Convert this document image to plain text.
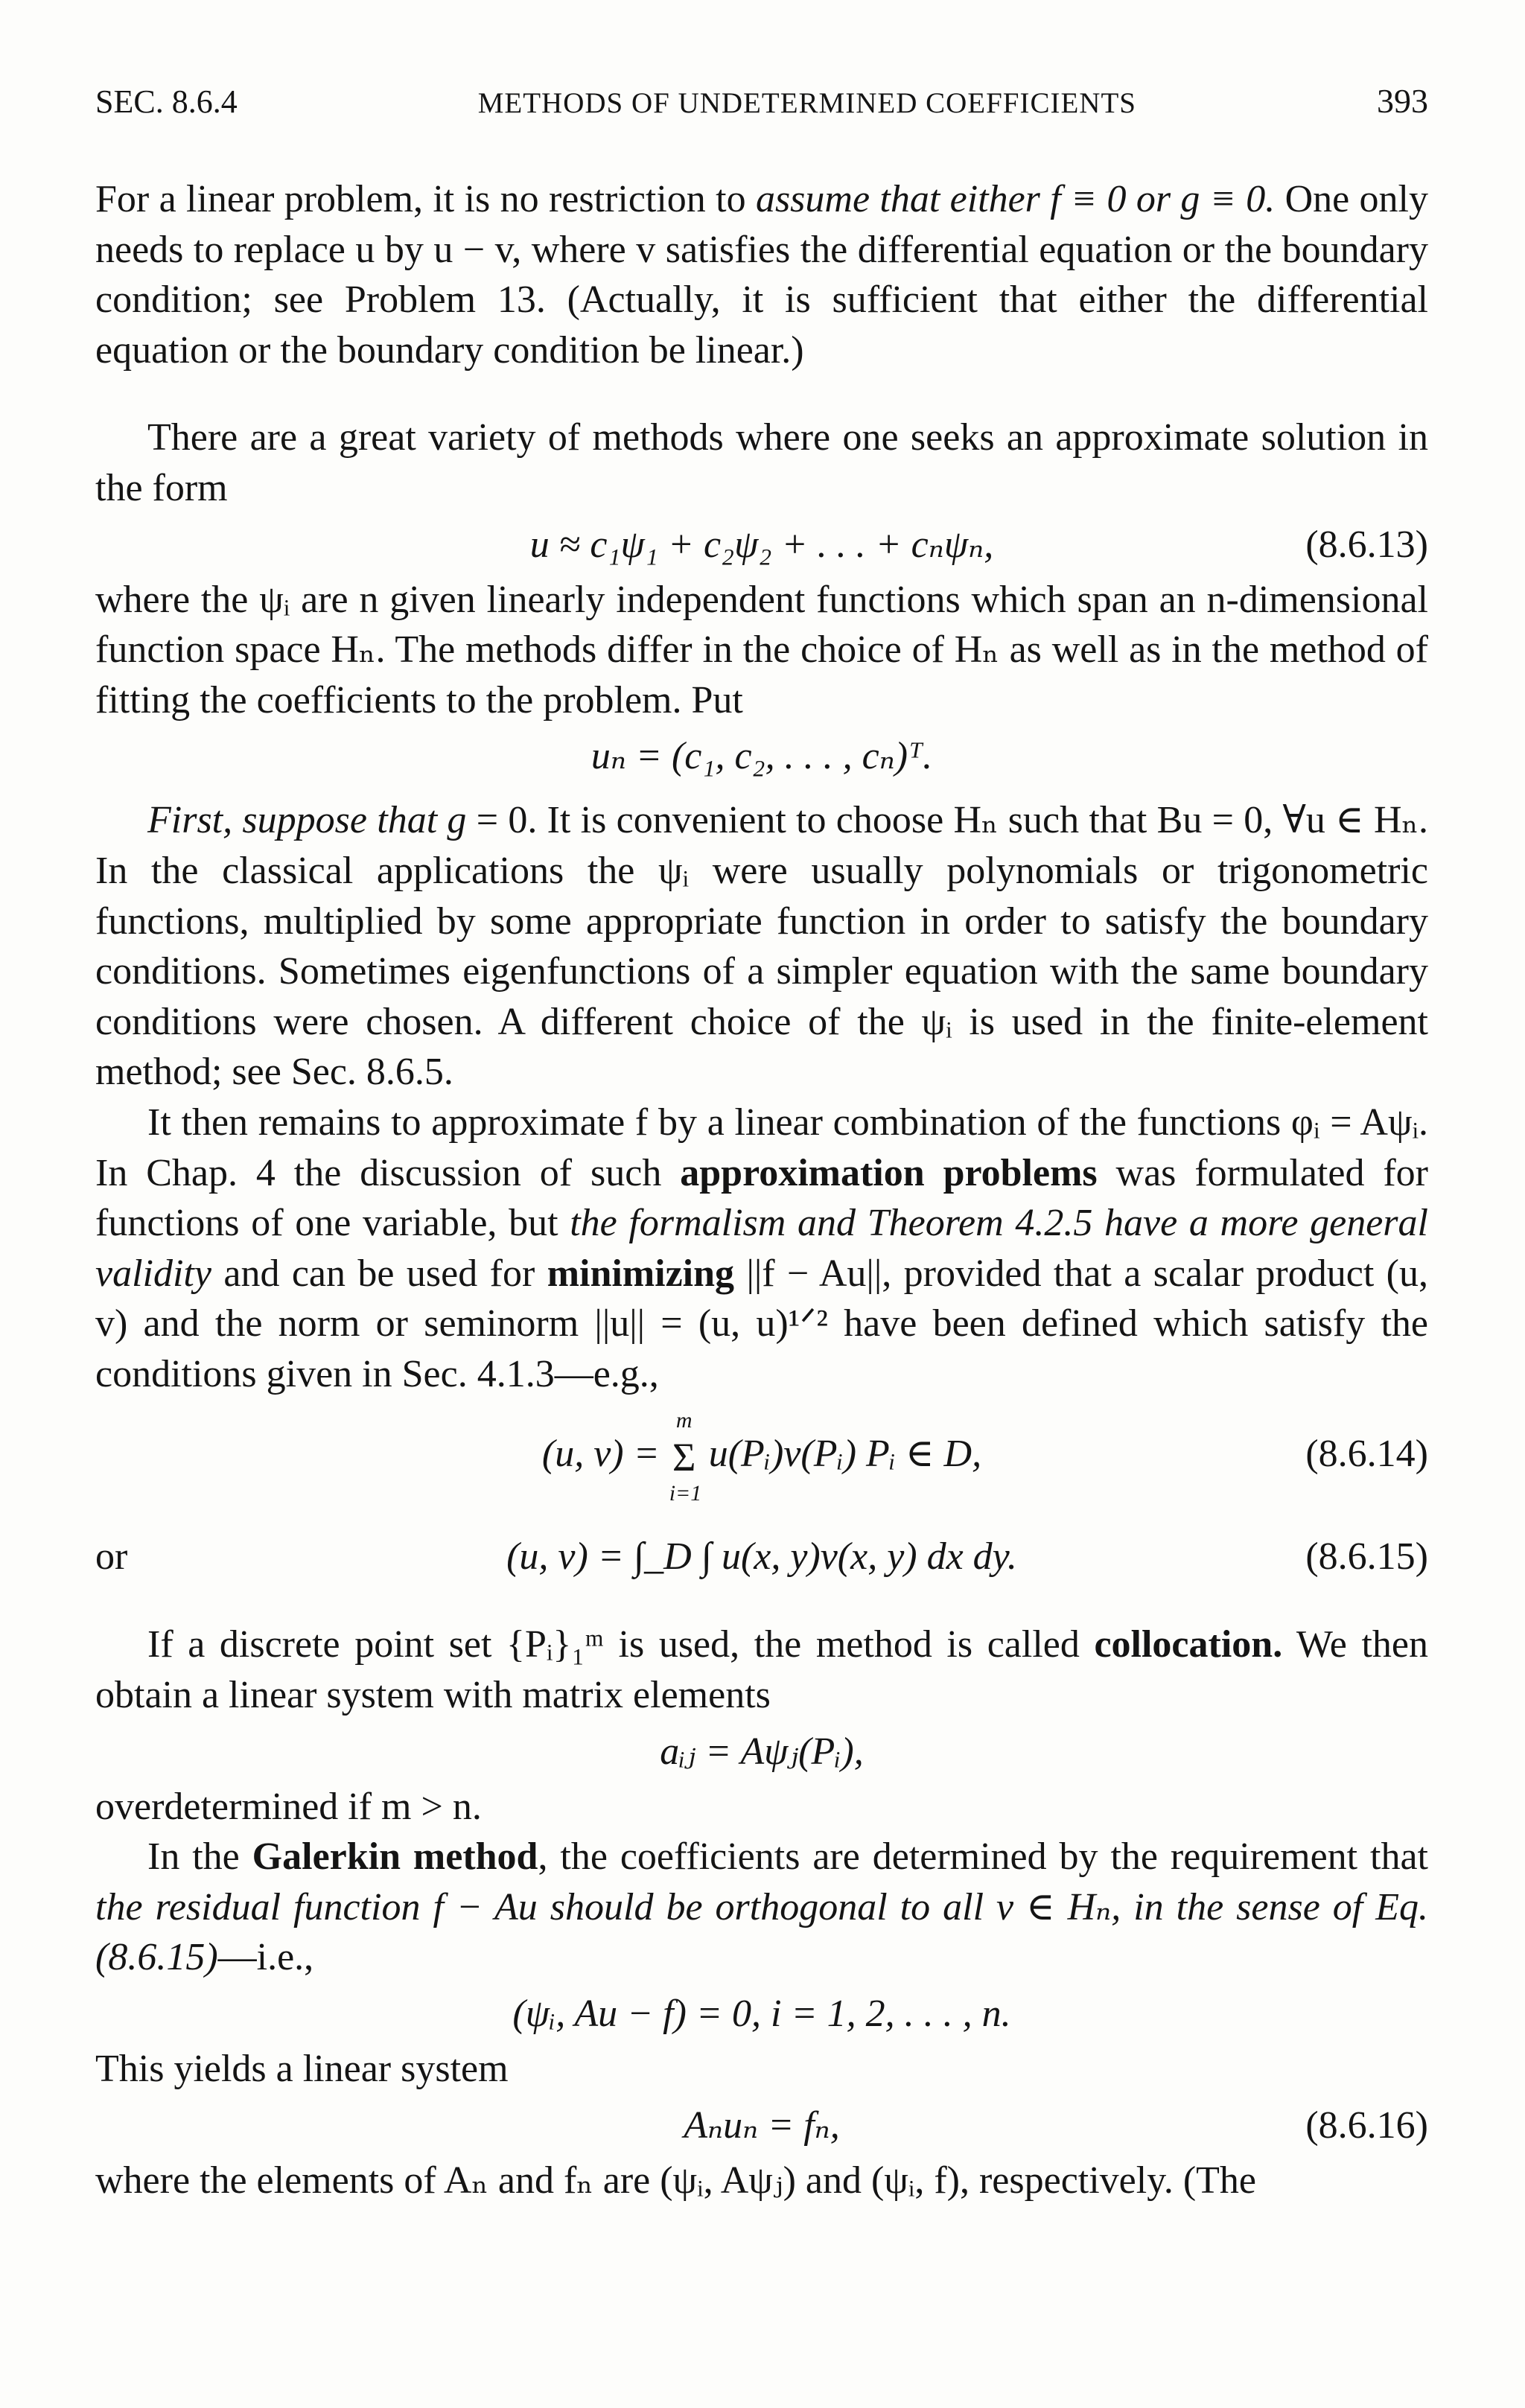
SEC. 8.6.4	METHODS OF UNDETERMINED COEFFICIENTS	393

For a linear problem, it is no restriction to assume that either f ≡ 0 or g ≡ 0. One only needs to replace u by u − v, where v satisfies the differential equation or the boundary condition; see Problem 13. (Actually, it is sufficient that either the differential equation or the boundary condition be linear.)

There are a great variety of methods where one seeks an approximate solution in the form

u ≈ c₁ψ₁ + c₂ψ₂ + . . . + cₙψₙ,	(8.6.13)

where the ψᵢ are n given linearly independent functions which span an n-dimensional function space Hₙ. The methods differ in the choice of Hₙ as well as in the method of fitting the coefficients to the problem. Put

uₙ = (c₁, c₂, . . . , cₙ)ᵀ.

First, suppose that g = 0. It is convenient to choose Hₙ such that Bu = 0, ∀u ∈ Hₙ. In the classical applications the ψᵢ were usually polynomials or trigonometric functions, multiplied by some appropriate function in order to satisfy the boundary conditions. Sometimes eigenfunctions of a simpler equation with the same boundary conditions were chosen. A different choice of the ψᵢ is used in the finite-element method; see Sec. 8.6.5.

It then remains to approximate f by a linear combination of the functions φᵢ = Aψᵢ. In Chap. 4 the discussion of such approximation problems was formulated for functions of one variable, but the formalism and Theorem 4.2.5 have a more general validity and can be used for minimizing ||f − Au||, provided that a scalar product (u, v) and the norm or seminorm ||u|| = (u, u)¹ᐟ² have been defined which satisfy the conditions given in Sec. 4.1.3—e.g.,

(u, v) =
m
Σ
i=1
u(Pᵢ)v(Pᵢ) Pᵢ ∈ D,	(8.6.14)
or	(u, v) = ∫_D ∫ u(x, y)v(x, y) dx dy.	(8.6.15)

If a discrete point set {Pᵢ}₁ᵐ is used, the method is called collocation. We then obtain a linear system with matrix elements

aᵢⱼ = Aψⱼ(Pᵢ),

overdetermined if m > n.

In the Galerkin method, the coefficients are determined by the requirement that the residual function f − Au should be orthogonal to all v ∈ Hₙ, in the sense of Eq. (8.6.15)—i.e.,

(ψᵢ, Au − f) = 0, i = 1, 2, . . . , n.

This yields a linear system

Aₙuₙ = fₙ,	(8.6.16)

where the elements of Aₙ and fₙ are (ψᵢ, Aψⱼ) and (ψᵢ, f), respectively. (The
